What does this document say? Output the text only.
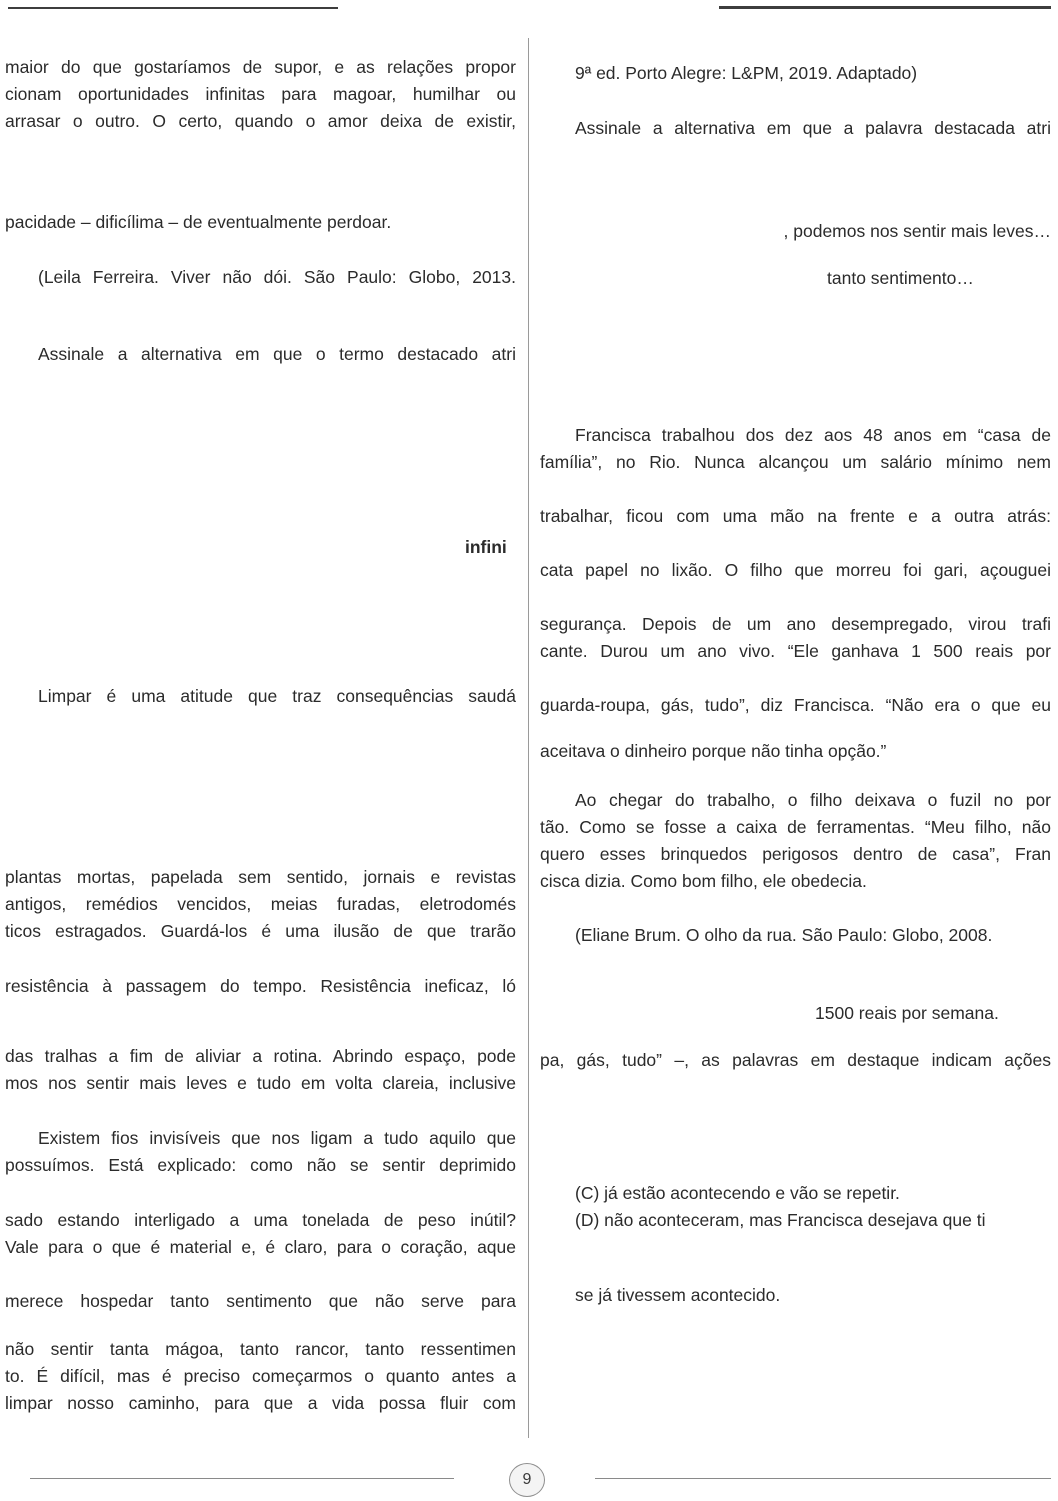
maior do que gostaríamos de supor, e as relações propor
cionam oportunidades infinitas para magoar, humilhar ou
arrasar o outro. O certo, quando o amor deixa de existir,
pacidade – dificílima – de eventualmente perdoar.
(Leila Ferreira. Viver não dói. São Paulo: Globo, 2013.
Assinale a alternativa em que o termo destacado atri
infini
Limpar é uma atitude que traz consequências saudá
plantas mortas, papelada sem sentido, jornais e revistas
antigos, remédios vencidos, meias furadas, eletrodomés
ticos estragados. Guardá-los é uma ilusão de que trarão
resistência à passagem do tempo. Resistência ineficaz, ló
das tralhas a fim de aliviar a rotina. Abrindo espaço, pode
mos nos sentir mais leves e tudo em volta clareia, inclusive
Existem fios invisíveis que nos ligam a tudo aquilo que
possuímos. Está explicado: como não se sentir deprimido
sado estando interligado a uma tonelada de peso inútil?
Vale para o que é material e, é claro, para o coração, aque
merece hospedar tanto sentimento que não serve para
não sentir tanta mágoa, tanto rancor, tanto ressentimen
to. É difícil, mas é preciso começarmos o quanto antes a
limpar nosso caminho, para que a vida possa fluir com
9ª ed. Porto Alegre: L&PM, 2019. Adaptado)
Assinale a alternativa em que a palavra destacada atri
, podemos nos sentir mais leves…
tanto sentimento…
Francisca trabalhou dos dez aos 48 anos em “casa de
família”, no Rio. Nunca alcançou um salário mínimo nem
trabalhar, ficou com uma mão na frente e a outra atrás:
cata papel no lixão. O filho que morreu foi gari, açouguei
segurança. Depois de um ano desempregado, virou trafi
cante. Durou um ano vivo. “Ele ganhava 1 500 reais por
guarda-roupa, gás, tudo”, diz Francisca. “Não era o que eu
aceitava o dinheiro porque não tinha opção.”
Ao chegar do trabalho, o filho deixava o fuzil no por
tão. Como se fosse a caixa de ferramentas. “Meu filho, não
quero esses brinquedos perigosos dentro de casa”, Fran
cisca dizia. Como bom filho, ele obedecia.
(Eliane Brum. O olho da rua. São Paulo: Globo, 2008.
1500 reais por semana.
pa, gás, tudo” –, as palavras em destaque indicam ações
(C) já estão acontecendo e vão se repetir.
(D) não aconteceram, mas Francisca desejava que ti
se já tivessem acontecido.
9
